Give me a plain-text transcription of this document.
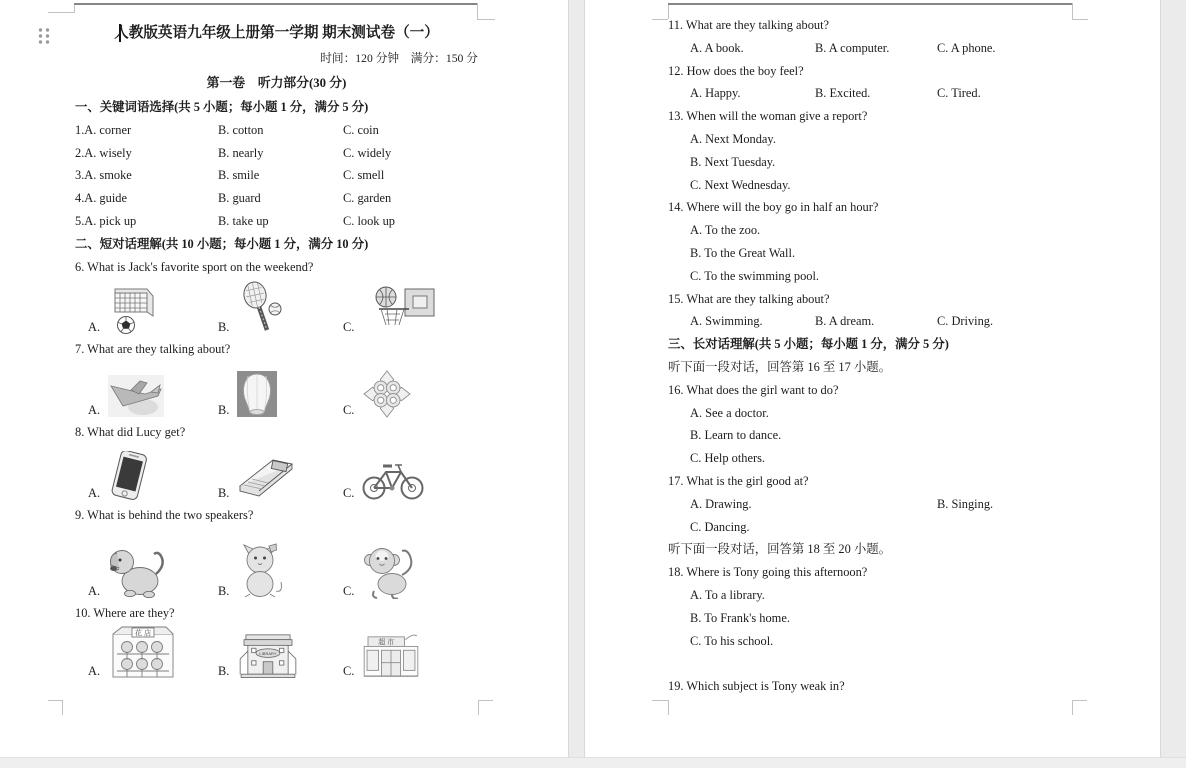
人教版英语九年级上册第一学期 期末测试卷（一）
时间：120 分钟　满分：150 分
第一卷　听力部分(30 分)
一、关键词语选择(共 5 小题；每小题 1 分，满分 5 分)
1.A. corner	B. cotton	C. coin
2.A. wisely	B. nearly	C. widely
3.A. smoke	B. smile	C. smell
4.A. guide	B. guard	C. garden
5.A. pick up	B. take up	C. look up
二、短对话理解(共 10 小题；每小题 1 分，满分 10 分)
6. What is Jack's favorite sport on the weekend?
A.	B.	C.
7. What are they talking about?
A.	B.	C.
8. What did Lucy get?
A.	B.	C.
9. What is behind the two speakers?
A.	B.	C.
10. Where are they?
A.
花 店
B.
LIBRARY
C.
超 市
11. What are they talking about?
A. A book.	B. A computer.	C. A phone.
12. How does the boy feel?
A. Happy.	B. Excited.	C. Tired.
13. When will the woman give a report?
A. Next Monday.
B. Next Tuesday.
C. Next Wednesday.
14. Where will the boy go in half an hour?
A. To the zoo.
B. To the Great Wall.
C. To the swimming pool.
15. What are they talking about?
A. Swimming.	B. A dream.	C. Driving.
三、长对话理解(共 5 小题；每小题 1 分，满分 5 分)
听下面一段对话，回答第 16 至 17 小题。
16. What does the girl want to do?
A. See a doctor.
B. Learn to dance.
C. Help others.
17. What is the girl good at?
A. Drawing.	B. Singing.
C. Dancing.
听下面一段对话，回答第 18 至 20 小题。
18. Where is Tony going this afternoon?
A. To a library.
B. To Frank's home.
C. To his school.
19. Which subject is Tony weak in?
